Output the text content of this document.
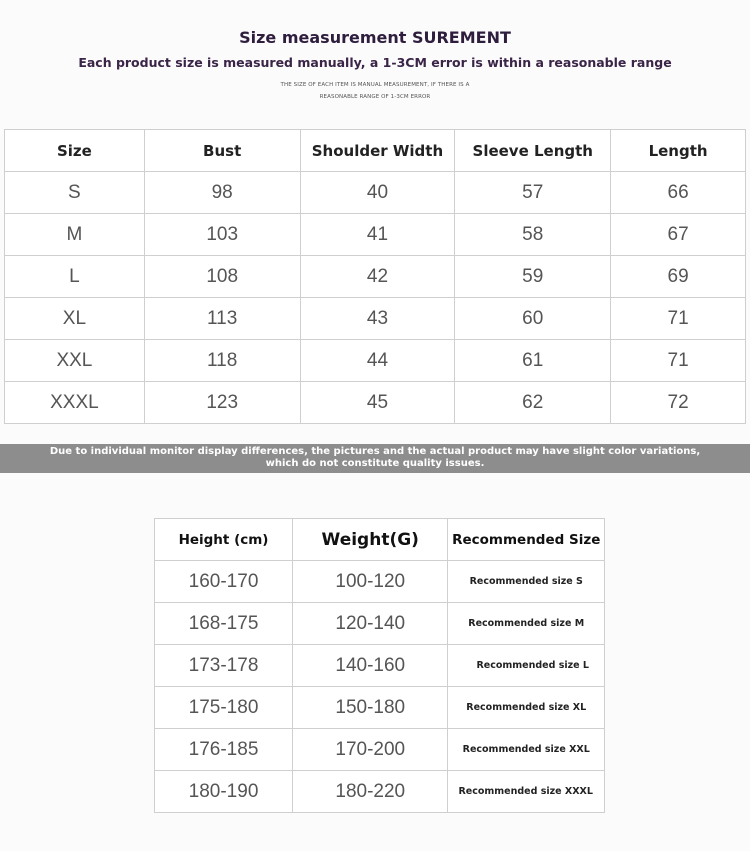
Size measurement SUREMENT
Each product size is measured manually, a 1-3CM error is within a reasonable range
THE SIZE OF EACH ITEM IS MANUAL MEASUREMENT, IF THERE IS A
REASONABLE RANGE OF 1-3CM ERROR
Size	Bust	Shoulder Width	Sleeve Length	Length
S	98	40	57	66
M	103	41	58	67
L	108	42	59	69
XL	113	43	60	71
XXL	118	44	61	71
XXXL	123	45	62	72
Due to individual monitor display differences, the pictures and the actual product may have slight color variations,
which do not constitute quality issues.
Height (cm)	Weight(G)	Recommended Size
160-170	100-120	Recommended size S
168-175	120-140	Recommended size M
173-178	140-160	Recommended size L
175-180	150-180	Recommended size XL
176-185	170-200	Recommended size XXL
180-190	180-220	Recommended size XXXL
